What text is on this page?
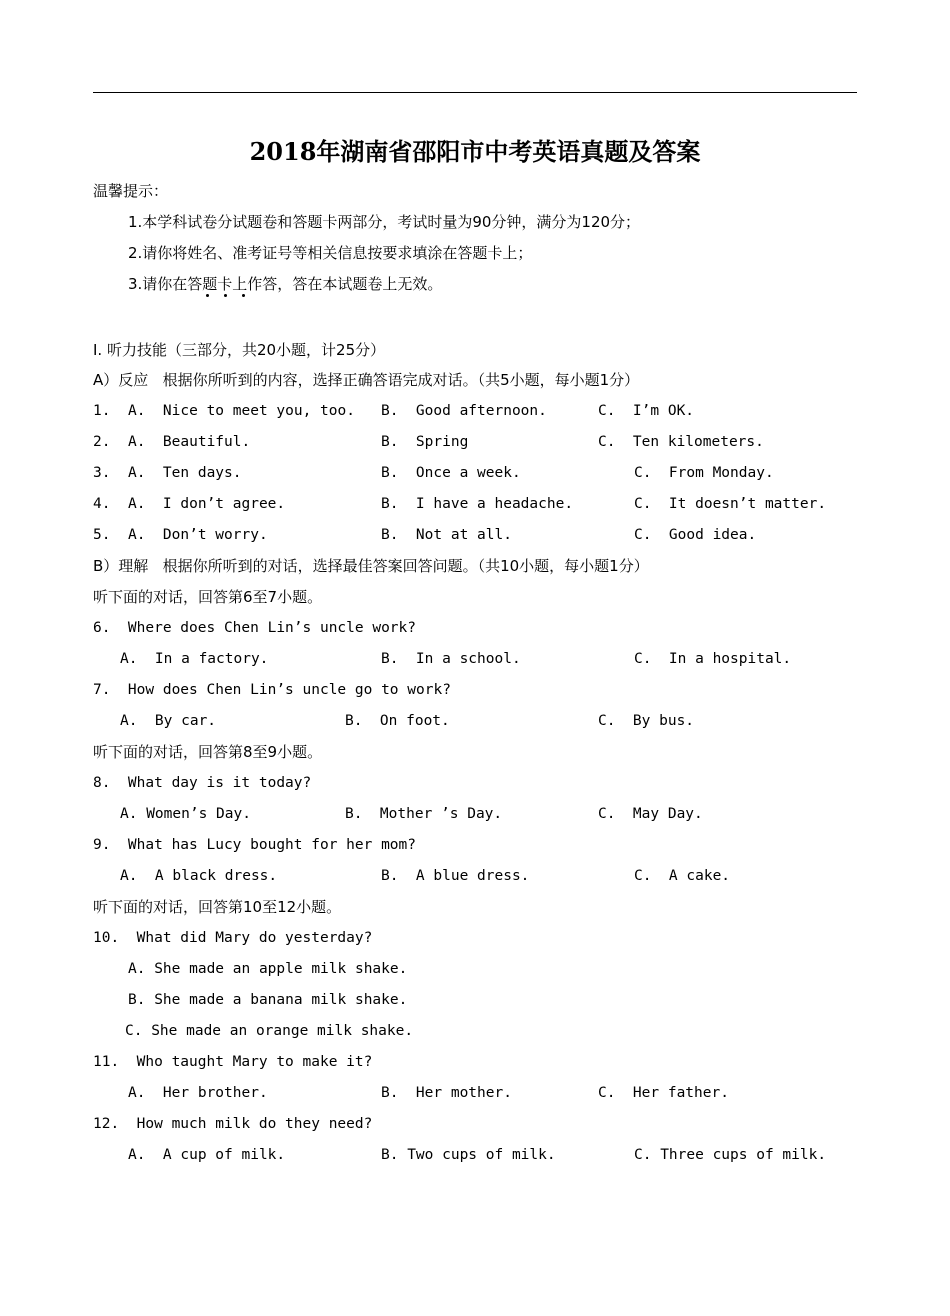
2018年湖南省邵阳市中考英语真题及答案
温馨提示：
1.本学科试卷分试题卷和答题卡两部分，考试时量为90分钟，满分为120分；
2.请你将姓名、准考证号等相关信息按要求填涂在答题卡上；
3.请你在答题卡上作答，答在本试题卷上无效。
Ⅰ. 听力技能（三部分，共20小题，计25分）
A）反应   根据你所听到的内容，选择正确答语完成对话。（共5小题，每小题1分）
1. A.  Nice to meet you, too. B.  Good afternoon.	C.  I’m OK.
2. A.  Beautiful.	B.  Spring	C.  Ten kilometers.
3. A.  Ten days.	B.  Once a week.	C.  From Monday.
4. A.  I don’t agree.	B.  I have a headache.	C.  It doesn’t matter.
5. A.  Don’t worry.	B.  Not at all.	C.  Good idea.
B）理解   根据你所听到的对话，选择最佳答案回答问题。（共10小题，每小题1分）
听下面的对话，回答第6至7小题。
6.  Where does Chen Lin’s uncle work?
A.  In a factory.	B.  In a school.	C.  In a hospital.
7.  How does Chen Lin’s uncle go to work?
A.  By car.	B.  On foot.	C.  By bus.
听下面的对话，回答第8至9小题。
8.  What day is it today?
A. Women’s Day.	B.  Mother ’s Day.	C.  May Day.
9.  What has Lucy bought for her mom?
A.  A black dress.	B.  A blue dress.	C.  A cake.
听下面的对话，回答第10至12小题。
10.  What did Mary do yesterday?
A. She made an apple milk shake.
B. She made a banana milk shake.
C. She made an orange milk shake.
11.  Who taught Mary to make it?
A.  Her brother.	B.  Her mother.	C.  Her father.
12.  How much milk do they need?
A.  A cup of milk.	B. Two cups of milk.	C. Three cups of milk.
